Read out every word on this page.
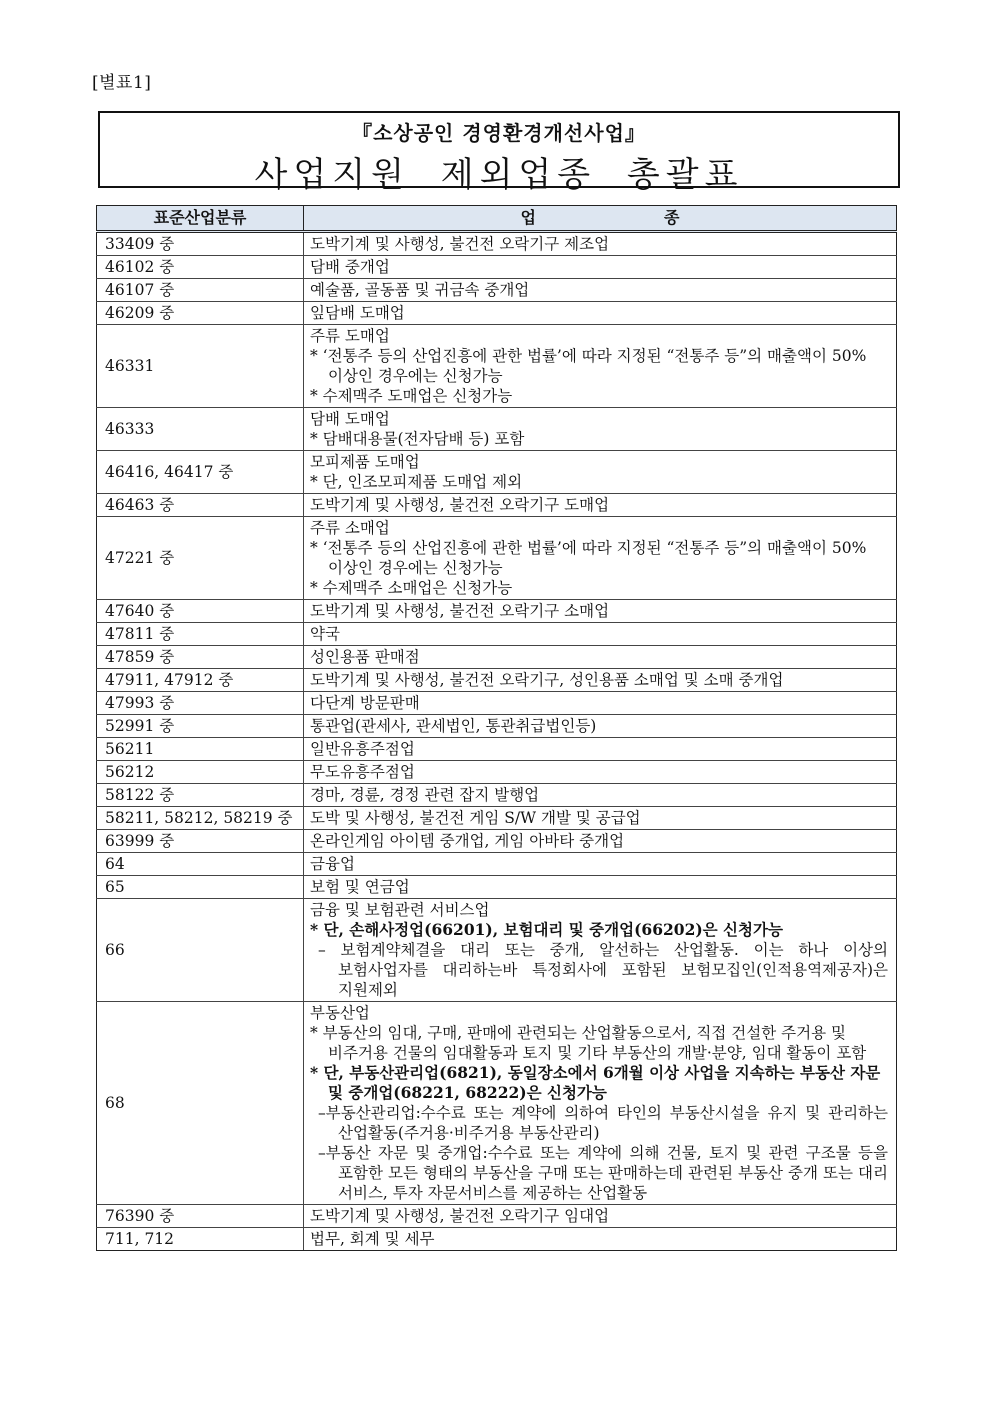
[별표1]
『소상공인 경영환경개선사업』
사업지원 제외업종 총괄표
표준산업분류	업종
33409 중	도박기계 및 사행성, 불건전 오락기구 제조업

46102 중	담배 중개업

46107 중	예술품, 골동품 및 귀금속 중개업

46209 중	잎담배 도매업

46331	주류 도매업
* ‘전통주 등의 산업진흥에 관한 법률’에 따라 지정된 “전통주 등”의 매출액이 50% 이상인 경우에는 신청가능
* 수제맥주 도매업은 신청가능

46333	담배 도매업
* 담배대용물(전자담배 등) 포함

46416, 46417 중	모피제품 도매업
* 단, 인조모피제품 도매업 제외

46463 중	도박기계 및 사행성, 불건전 오락기구 도매업

47221 중	주류 소매업
* ‘전통주 등의 산업진흥에 관한 법률’에 따라 지정된 “전통주 등”의 매출액이 50% 이상인 경우에는 신청가능
* 수제맥주 소매업은 신청가능

47640 중	도박기계 및 사행성, 불건전 오락기구 소매업

47811 중	약국

47859 중	성인용품 판매점

47911, 47912 중	도박기계 및 사행성, 불건전 오락기구, 성인용품 소매업 및 소매 중개업

47993 중	다단계 방문판매

52991 중	통관업(관세사, 관세법인, 통관취급법인등)

56211	일반유흥주점업

56212	무도유흥주점업

58122 중	경마, 경륜, 경정 관련 잡지 발행업

58211, 58212, 58219 중	도박 및 사행성, 불건전 게임 S/W 개발 및 공급업

63999 중	온라인게임 아이템 중개업, 게임 아바타 중개업

64	금융업

65	보험 및 연금업

66	금융 및 보험관련 서비스업
* 단, 손해사정업(66201), 보험대리 및 중개업(66202)은 신청가능
– 보험계약체결을 대리 또는 중개, 알선하는 산업활동. 이는 하나 이상의 보험사업자를 대리하는바 특정회사에 포함된 보험모집인(인적용역제공자)은 지원제외

68	부동산업
* 부동산의 임대, 구매, 판매에 관련되는 산업활동으로서, 직접 건설한 주거용 및 비주거용 건물의 임대활동과 토지 및 기타 부동산의 개발·분양, 임대 활동이 포함
* 단, 부동산관리업(6821), 동일장소에서 6개월 이상 사업을 지속하는 부동산 자문 및 중개업(68221, 68222)은 신청가능
–부동산관리업:수수료 또는 계약에 의하여 타인의 부동산시설을 유지 및 관리하는 산업활동(주거용·비주거용 부동산관리)
–부동산 자문 및 중개업:수수료 또는 계약에 의해 건물, 토지 및 관련 구조물 등을 포함한 모든 형태의 부동산을 구매 또는 판매하는데 관련된 부동산 중개 또는 대리 서비스, 투자 자문서비스를 제공하는 산업활동

76390 중	도박기계 및 사행성, 불건전 오락기구 임대업

711, 712	법무, 회계 및 세무
